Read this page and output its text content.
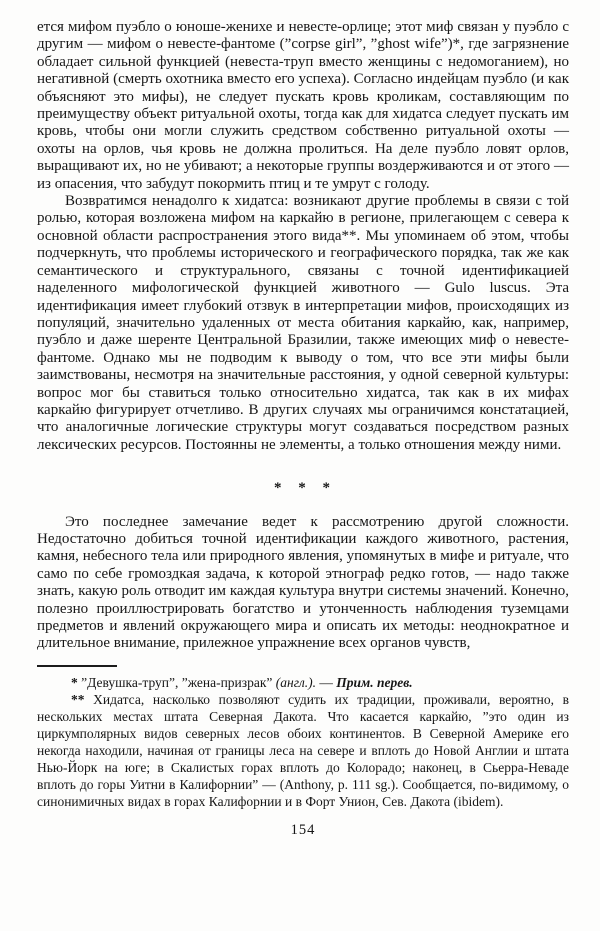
ется мифом пуэбло о юноше-женихе и невесте-орлице; этот миф связан у пуэбло с другим — мифом о невесте-фантоме (”corpse girl”, ”ghost wife”)*, где загрязнение обладает сильной функцией (невеста-труп вместо женщины с недомоганием), но негативной (смерть охотника вместо его успеха). Согласно индейцам пуэбло (и как объясняют это мифы), не следует пускать кровь кроликам, составляющим по преимуществу объект ритуальной охоты, тогда как для хидатса следует пускать им кровь, чтобы они могли служить средством собственно ритуальной охоты — охоты на орлов, чья кровь не должна пролиться. На деле пуэбло ловят орлов, выращивают их, но не убивают; а некоторые группы воздерживаются и от этого — из опасения, что забудут покормить птиц и те умрут с голоду.

Возвратимся ненадолго к хидатса: возникают другие проблемы в связи с той ролью, которая возложена мифом на каркайю в регионе, прилегающем с севера к основной области распространения этого вида**. Мы упоминаем об этом, чтобы подчеркнуть, что проблемы исторического и географического порядка, так же как семантического и структурального, связаны с точной идентификацией наделенного мифологической функцией животного — Gulo luscus. Эта идентификация имеет глубокий отзвук в интерпретации мифов, происходящих из популяций, значительно удаленных от места обитания каркайю, как, например, пуэбло и даже шеренте Центральной Бразилии, также имеющих миф о невесте-фантоме. Однако мы не подводим к выводу о том, что все эти мифы были заимствованы, несмотря на значительные расстояния, у одной северной культуры: вопрос мог бы ставиться только относительно хидатса, так как в их мифах каркайю фигурирует отчетливо. В других случаях мы ограничимся констатацией, что аналогичные логические структуры могут создаваться посредством разных лексических ресурсов. Постоянны не элементы, а только отношения между ними.

* * *

Это последнее замечание ведет к рассмотрению другой сложности. Недостаточно добиться точной идентификации каждого животного, растения, камня, небесного тела или природного явления, упомянутых в мифе и ритуале, что само по себе громоздкая задача, к которой этнограф редко готов, — надо также знать, какую роль отводит им каждая культура внутри системы значений. Конечно, полезно проиллюстрировать богатство и утонченность наблюдения туземцами предметов и явлений окружающего мира и описать их методы: неоднократное и длительное внимание, прилежное упражнение всех органов чувств,

* ”Девушка-труп”, ”жена-призрак” (англ.). — Прим. перев.

** Хидатса, насколько позволяют судить их традиции, проживали, вероятно, в нескольких местах штата Северная Дакота. Что касается каркайю, ”это один из циркумполярных видов северных лесов обоих континентов. В Северной Америке его некогда находили, начиная от границы леса на севере и вплоть до Новой Англии и штата Нью-Йорк на юге; в Скалистых горах вплоть до Колорадо; наконец, в Сьерра-Неваде вплоть до горы Уитни в Калифорнии” — (Anthony, p. 111 sg.). Сообщается, по-видимому, о синонимичных видах в горах Калифорнии и в Форт Унион, Сев. Дакота (ibidem).

154
